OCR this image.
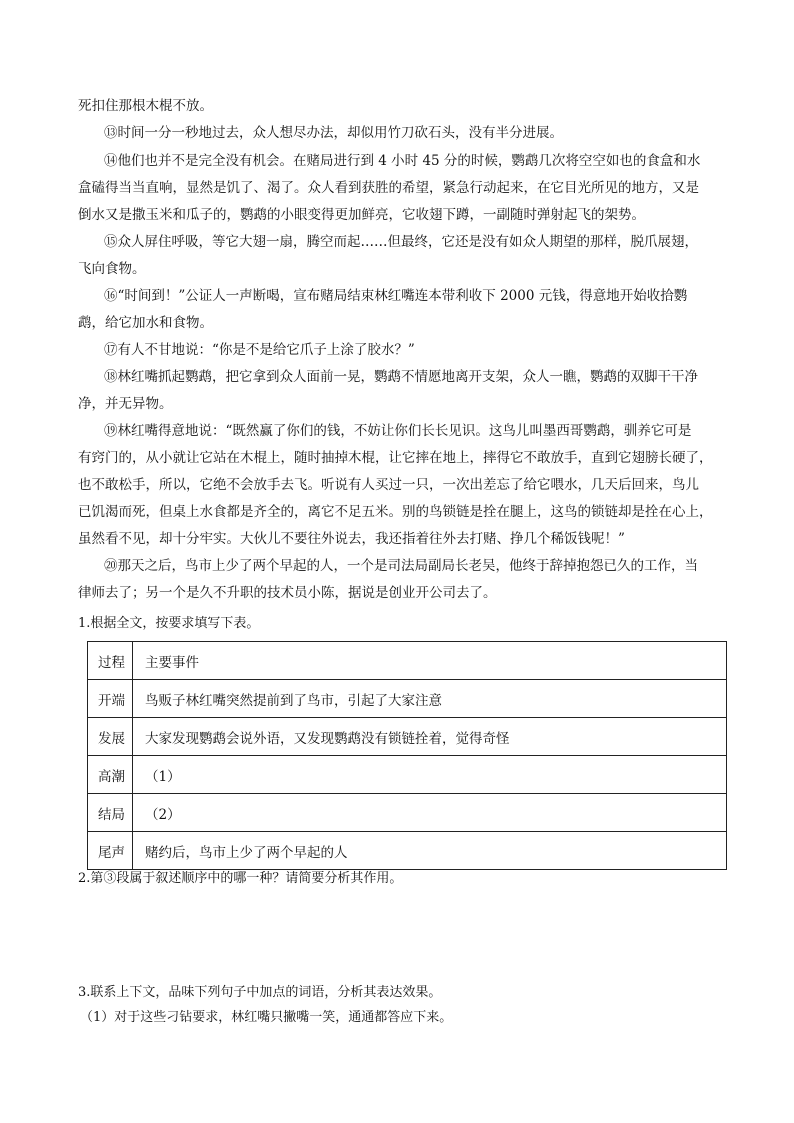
死扣住那根木棍不放。
⑬时间一分一秒地过去，众人想尽办法，却似用竹刀砍石头，没有半分进展。
⑭他们也并不是完全没有机会。在赌局进行到 4 小时 45 分的时候，鹦鹉几次将空空如也的食盒和水
盒磕得当当直响，显然是饥了、渴了。众人看到获胜的希望，紧急行动起来，在它目光所见的地方，又是
倒水又是撒玉米和瓜子的，鹦鹉的小眼变得更加鲜亮，它收翅下蹲，一副随时弹射起飞的架势。
⑮众人屏住呼吸，等它大翅一扇，腾空而起……但最终，它还是没有如众人期望的那样，脱爪展翅，
飞向食物。
⑯“时间到！”公证人一声断喝，宣布赌局结束林红嘴连本带利收下 2000 元钱，得意地开始收拾鹦
鹉，给它加水和食物。
⑰有人不甘地说：“你是不是给它爪子上涂了胶水？”
⑱林红嘴抓起鹦鹉，把它拿到众人面前一晃，鹦鹉不情愿地离开支架，众人一瞧，鹦鹉的双脚干干净
净，并无异物。
⑲林红嘴得意地说：“既然赢了你们的钱，不妨让你们长长见识。这鸟儿叫墨西哥鹦鹉，驯养它可是
有窍门的，从小就让它站在木棍上，随时抽掉木棍，让它摔在地上，摔得它不敢放手，直到它翅膀长硬了，
也不敢松手，所以，它绝不会放手去飞。听说有人买过一只，一次出差忘了给它喂水，几天后回来，鸟儿
已饥渴而死，但桌上水食都是齐全的，离它不足五米。别的鸟锁链是拴在腿上，这鸟的锁链却是拴在心上，
虽然看不见，却十分牢实。大伙儿不要往外说去，我还指着往外去打赌、挣几个稀饭钱呢！”
⑳那天之后，鸟市上少了两个早起的人，一个是司法局副局长老吴，他终于辞掉抱怨已久的工作，当
律师去了；另一个是久不升职的技术员小陈，据说是创业开公司去了。
1.根据全文，按要求填写下表。
过程	主要事件
开端	鸟贩子林红嘴突然提前到了鸟市，引起了大家注意
发展	大家发现鹦鹉会说外语，又发现鹦鹉没有锁链拴着，觉得奇怪
高潮	（1）
结局	（2）
尾声	赌约后，鸟市上少了两个早起的人
2.第③段属于叙述顺序中的哪一种？请简要分析其作用。
3.联系上下文，品味下列句子中加点的词语，分析其表达效果。
（1）对于这些刁钻要求，林红嘴只撇嘴一笑，通通都答应下来。
